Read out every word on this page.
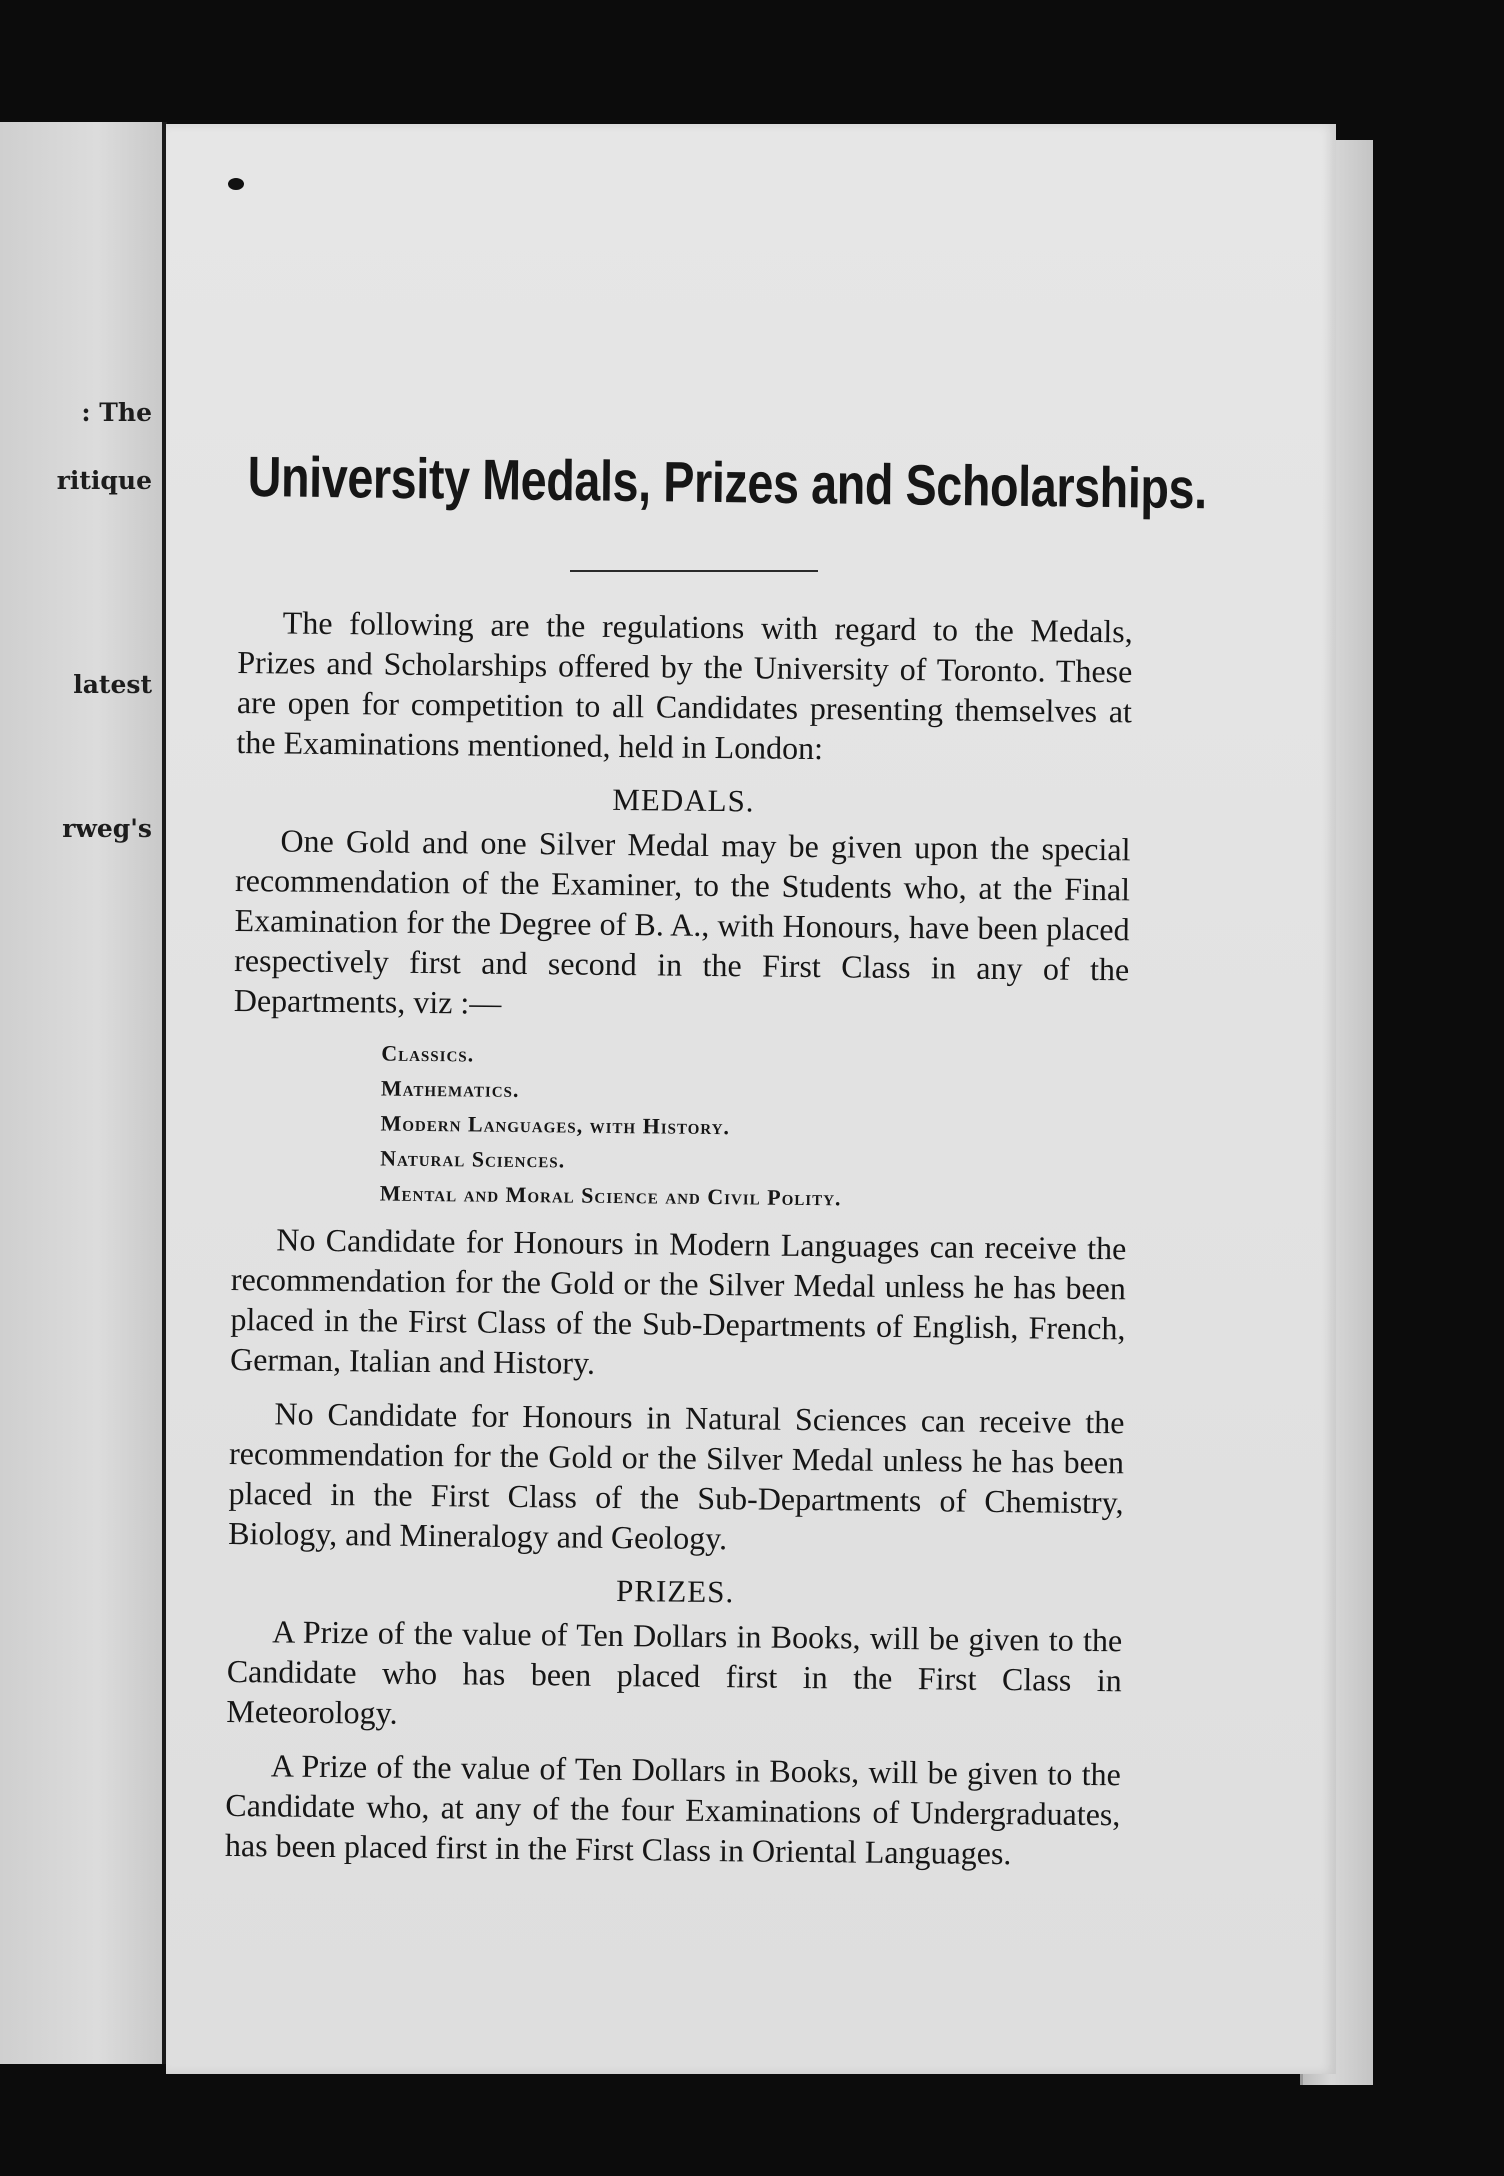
: The
ritique
latest
rweg's
University Medals, Prizes and Scholarships.

The following are the regulations with regard to the Medals, Prizes and Scholarships offered by the University of Toronto. These are open for competition to all Candidates presenting themselves at the Examinations mentioned, held in London:

MEDALS.

One Gold and one Silver Medal may be given upon the special recommendation of the Examiner, to the Students who, at the Final Examination for the Degree of B. A., with Honours, have been placed respectively first and second in the First Class in any of the Departments, viz :—

Classics.
Mathematics.
Modern Languages, with History.
Natural Sciences.
Mental and Moral Science and Civil Polity.

No Candidate for Honours in Modern Languages can receive the recommendation for the Gold or the Silver Medal unless he has been placed in the First Class of the Sub-Departments of English, French, German, Italian and History.

No Candidate for Honours in Natural Sciences can receive the recommendation for the Gold or the Silver Medal unless he has been placed in the First Class of the Sub-Departments of Chemistry, Biology, and Mineralogy and Geology.

PRIZES.

A Prize of the value of Ten Dollars in Books, will be given to the Candidate who has been placed first in the First Class in Meteorology.

A Prize of the value of Ten Dollars in Books, will be given to the Candidate who, at any of the four Examinations of Undergraduates, has been placed first in the First Class in Oriental Languages.
